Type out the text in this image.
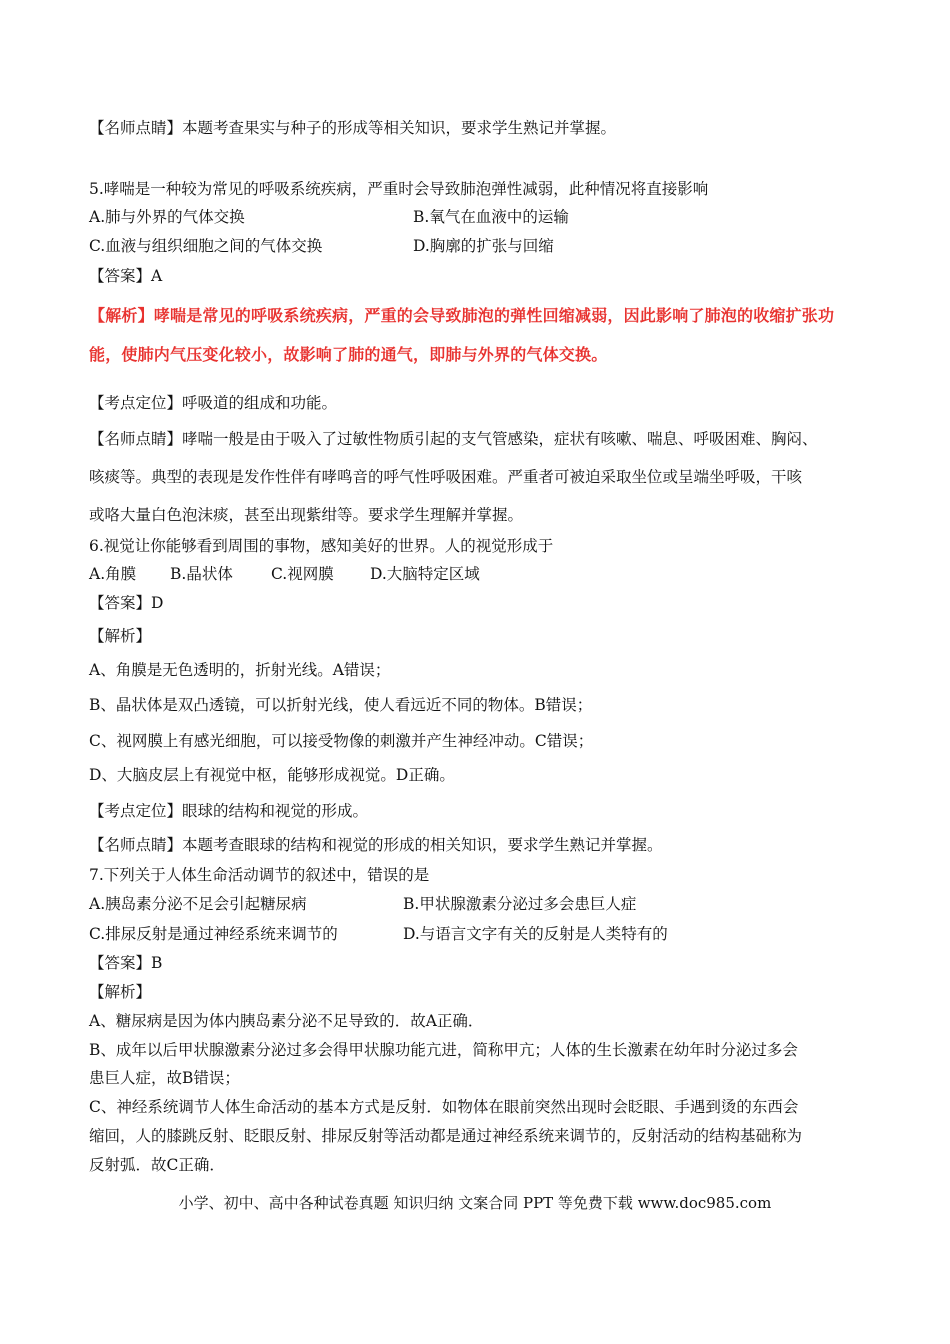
【名师点睛】本题考查果实与种子的形成等相关知识，要求学生熟记并掌握。
5.哮喘是一种较为常见的呼吸系统疾病，严重时会导致肺泡弹性减弱，此种情况将直接影响
A.肺与外界的气体交换	B.氧气在血液中的运输
C.血液与组织细胞之间的气体交换	D.胸廓的扩张与回缩
【答案】A
【解析】哮喘是常见的呼吸系统疾病，严重的会导致肺泡的弹性回缩减弱，因此影响了肺泡的收缩扩张功
能，使肺内气压变化较小，故影响了肺的通气，即肺与外界的气体交换。
【考点定位】呼吸道的组成和功能。
【名师点睛】哮喘一般是由于吸入了过敏性物质引起的支气管感染，症状有咳嗽、喘息、呼吸困难、胸闷、
咳痰等。典型的表现是发作性伴有哮鸣音的呼气性呼吸困难。严重者可被迫采取坐位或呈端坐呼吸，干咳
或咯大量白色泡沫痰，甚至出现紫绀等。要求学生理解并掌握。
6.视觉让你能够看到周围的事物，感知美好的世界。人的视觉形成于
A.角膜 B.晶状体 C.视网膜 D.大脑特定区域
【答案】D
【解析】
A、角膜是无色透明的，折射光线。A错误；
B、晶状体是双凸透镜，可以折射光线，使人看远近不同的物体。B错误；
C、视网膜上有感光细胞，可以接受物像的刺激并产生神经冲动。C错误；
D、大脑皮层上有视觉中枢，能够形成视觉。D正确。
【考点定位】眼球的结构和视觉的形成。
【名师点睛】本题考查眼球的结构和视觉的形成的相关知识，要求学生熟记并掌握。
7.下列关于人体生命活动调节的叙述中，错误的是
A.胰岛素分泌不足会引起糖尿病	B.甲状腺激素分泌过多会患巨人症
C.排尿反射是通过神经系统来调节的	D.与语言文字有关的反射是人类特有的
【答案】B
【解析】
A、糖尿病是因为体内胰岛素分泌不足导致的．故A正确．
B、成年以后甲状腺激素分泌过多会得甲状腺功能亢进，简称甲亢；人体的生长激素在幼年时分泌过多会
患巨人症，故B错误；
C、神经系统调节人体生命活动的基本方式是反射．如物体在眼前突然出现时会眨眼、手遇到烫的东西会
缩回，人的膝跳反射、眨眼反射、排尿反射等活动都是通过神经系统来调节的，反射活动的结构基础称为
反射弧．故C正确．
小学、初中、高中各种试卷真题 知识归纳 文案合同 PPT 等免费下载 www.doc985.com
